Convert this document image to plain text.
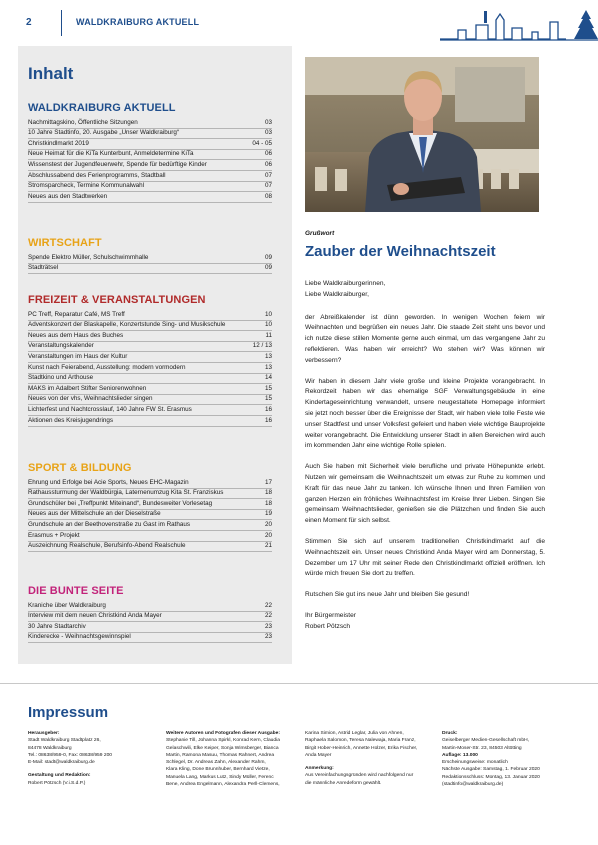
2	WALDKRAIBURG AKTUELL
Inhalt
WALDKRAIBURG AKTUELL
Nachmittagskino, Öffentliche Sitzungen	03
10 Jahre Stadtinfo, 20. Ausgabe „Unser Waldkraiburg“	03
Christkindlmarkt 2019	04 - 05
Neue Heimat für die KiTa Kunterbunt, Anmeldetermine KiTa	06
Wissenstest der Jugendfeuerwehr, Spende für bedürftige Kinder	06
Abschlussabend des Ferienprogramms, Stadtball	07
Stromsparcheck, Termine Kommunalwahl	07
Neues aus den Stadtwerken	08
WIRTSCHAFT
Spende Elektro Müller, Schulschwimmhalle	09
Stadträtsel	09
FREIZEIT & VERANSTALTUNGEN
PC Treff, Reparatur Café, MS Treff	10
Adventskonzert der Blaskapelle, Konzertstunde Sing- und Musikschule	10
Neues aus dem Haus des Buches	11
Veranstaltungskalender	12 / 13
Veranstaltungen im Haus der Kultur	13
Kunst nach Feierabend, Ausstellung: modern vormodern	13
Stadtkino und Arthouse	14
MAKS im Adalbert Stifter Seniorenwohnen	15
Neues von der vhs, Weihnachtslieder singen	15
Lichterfest und Nachtcrosslauf, 140 Jahre FW St. Erasmus	16
Aktionen des Kreisjugendrings	16
SPORT & BILDUNG
Ehrung und Erfolge bei Acie Sports, Neues EHC-Magazin	17
Rathaussturmung der Waldbürgia, Laternenumzug Kita St. Franziskus	18
Grundschüler bei „Treffpunkt Miteinand“, Bundesweiter Vorlesetag	18
Neues aus der Mittelschule an der Dieselstraße	19
Grundschule an der Beethovenstraße zu Gast im Rathaus	20
Erasmus + Projekt	20
Auszeichnung Realschule, Berufsinfo-Abend Realschule	21
DIE BUNTE SEITE
Kraniche über Waldkraiburg	22
Interview mit dem neuen Christkind Anda Mayer	22
30 Jahre Stadtarchiv	23
Kinderecke - Weihnachtsgewinnspiel	23
Grußwort
Zauber der Weihnachtszeit

Liebe Waldkraiburgerinnen,
Liebe Waldkraiburger,

der Abreißkalender ist dünn geworden. In wenigen Wochen feiern wir Weihnachten und begrüßen ein neues Jahr. Die staade Zeit steht uns bevor und ich nutze diese stillen Momente gerne auch einmal, um das vergangene Jahr zu reflektieren. Was haben wir erreicht? Wo stehen wir? Was können wir verbessern?

Wir haben in diesem Jahr viele große und kleine Projekte vorangebracht. In Rekordzeit haben wir das ehemalige SGF Verwaltungsgebäude in eine Kindertageseinrichtung verwandelt, unsere neugestaltete Homepage informiert sie jetzt noch besser über die Ereignisse der Stadt, wir haben viele tolle Feste wie unser Stadtfest und unser Volksfest gefeiert und haben viele wichtige Bauprojekte weiter vorangebracht. Die Entwicklung unserer Stadt in allen Bereichen wird auch im kommenden Jahr eine wichtige Rolle spielen.

Auch Sie haben mit Sicherheit viele berufliche und private Höhepunkte erlebt. Nutzen wir gemeinsam die Weihnachtszeit um etwas zur Ruhe zu kommen und Kraft für das neue Jahr zu tanken. Ich wünsche Ihnen und Ihren Familien von ganzen Herzen ein fröhliches Weihnachtsfest im Kreise Ihrer Lieben. Singen Sie gemeinsam Weihnachtslieder, genießen sie die Plätzchen und finden Sie auch einen Moment für sich selbst.

Stimmen Sie sich auf unserem traditionellen Christkindlmarkt auf die Weihnachtszeit ein. Unser neues Christkind Anda Mayer wird am Donnerstag, 5. Dezember um 17 Uhr mit seiner Rede den Christkindlmarkt offiziell eröffnen. Ich würde mich freuen Sie dort zu treffen.

Rutschen Sie gut ins neue Jahr und bleiben Sie gesund!

Ihr Bürgermeister
Robert Pötzsch

Impressum
Herausgeber:
Stadt Waldkraiburg Stadtplatz 26,
84478 Waldkraiburg
Tel.: 08638/959-0, Fax: 08638/959 200
E-Mail: stadt@waldkraiburg.de
Gestaltung und Redaktion:
Robert Pötzsch (V.i.S.d.P.)
Weitere Autoren und Fotografen dieser Ausgabe:
Stephanie Till, Johanna Spirkl, Konrad Kern, Claudia
Gelaschwili, Elke Keiper, Sonja Wimsberger, Bianca
Martin, Ramona Masuu, Thomas Rahnert, Andrea
Schlegel, Dr. Andreas Zahn, Alexander Rahm,
Klara Kling, Done Brunnhuber, Bernhard Vietze,
Manuela Lang, Markus Lutz, Sindy Müller, Ferenc
Bene, Andrea Engelmann, Alexandra Perll-Clemens,
Karina Simion, Astrid Leglar, Julia von Ahnen,
Raphaela Salomon, Teresa Nalewaja, Maria Franz,
Birgit Hober-Heinrich, Annette Holzer, Erika Fischer,
Anda Mayer
Anmerkung:
Aus Vereinfachungsgründen wird nachfolgend nur
die männliche Anredeform gewählt.
Druck:
Geiselberger Medien-Gesellschaft mbH,
Martin-Moser-Str. 23, 84503 Altötting
Auflage: 13.000
Erscheinungsweise: monatlich
Nächste Ausgabe: Samstag, 1. Februar 2020
Redaktionsschluss: Montag, 13. Januar 2020
(stadtinfo@waldkraiburg.de)
